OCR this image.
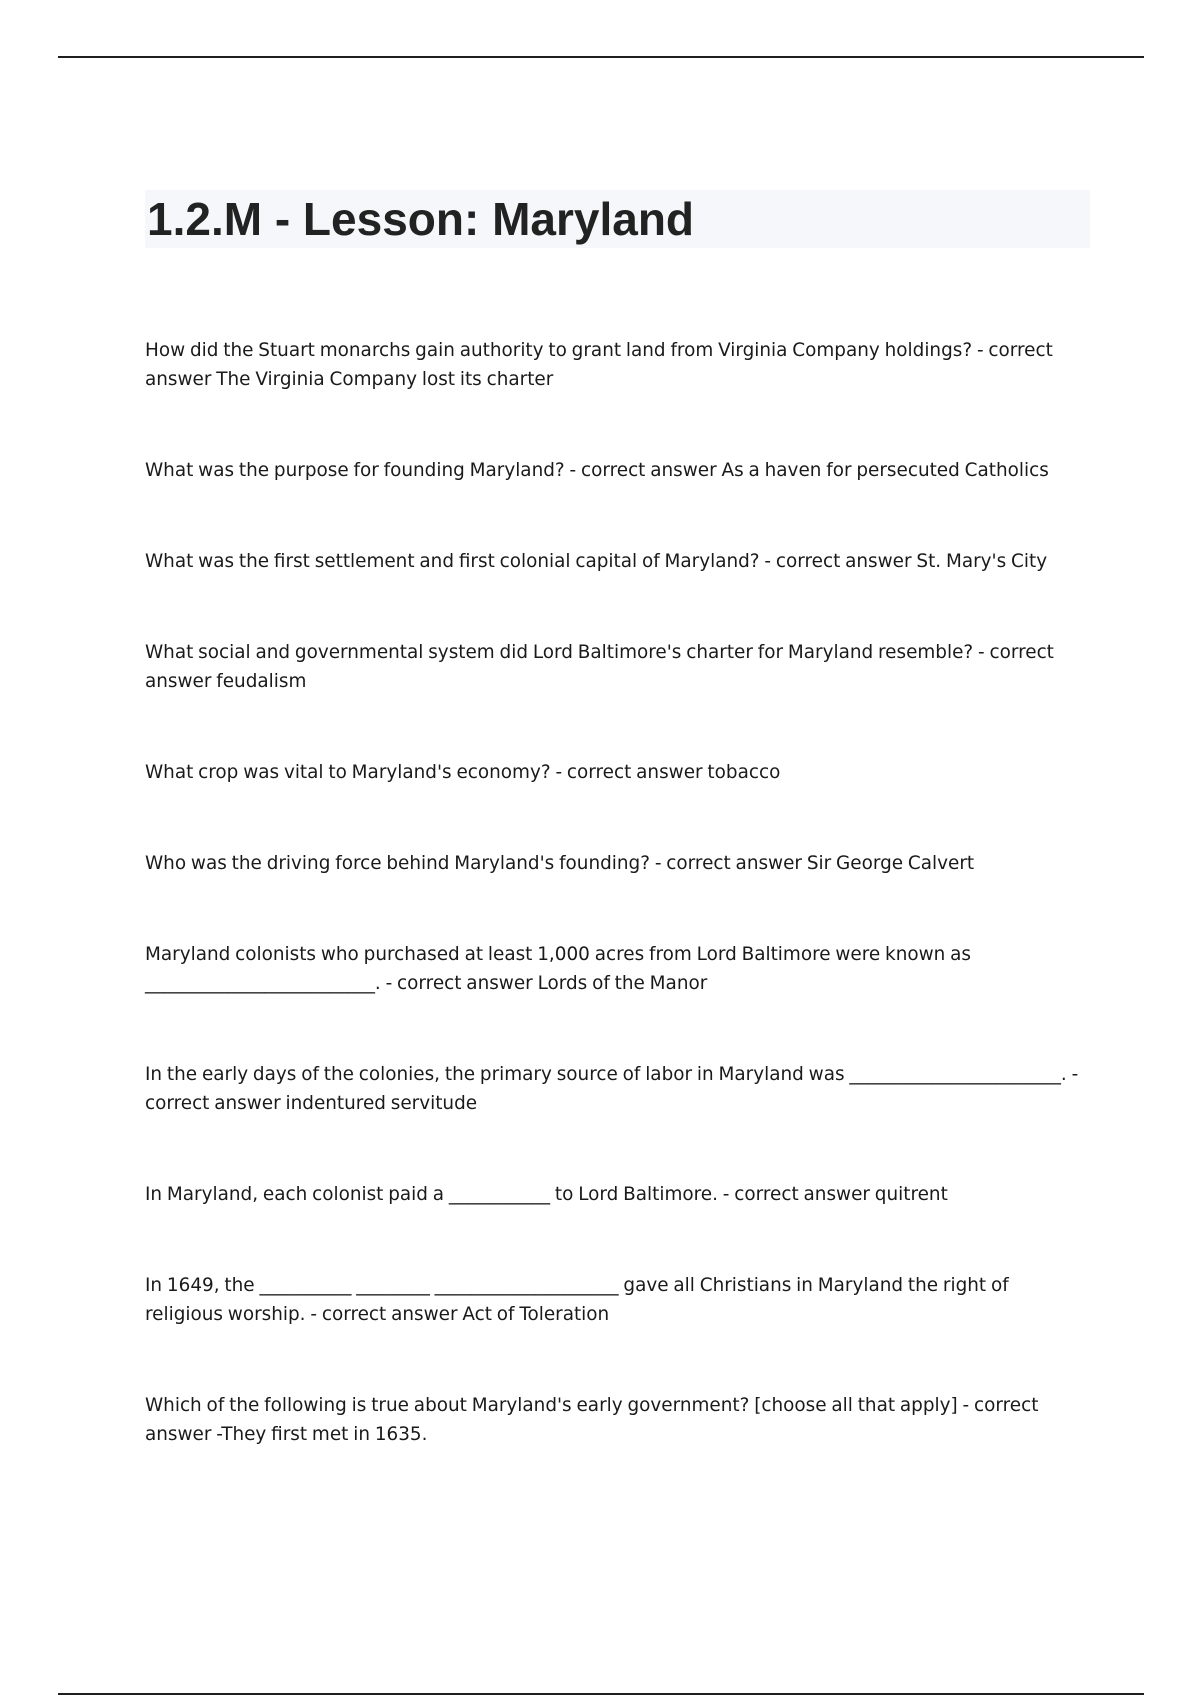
1.2.M - Lesson: Maryland

How did the Stuart monarchs gain authority to grant land from Virginia Company holdings? - correct answer The Virginia Company lost its charter

What was the purpose for founding Maryland? - correct answer As a haven for persecuted Catholics

What was the first settlement and first colonial capital of Maryland? - correct answer St. Mary's City

What social and governmental system did Lord Baltimore's charter for Maryland resemble? - correct answer feudalism

What crop was vital to Maryland's economy? - correct answer tobacco

Who was the driving force behind Maryland's founding? - correct answer Sir George Calvert

Maryland colonists who purchased at least 1,000 acres from Lord Baltimore were known as _________________________. - correct answer Lords of the Manor

In the early days of the colonies, the primary source of labor in Maryland was _______________________. - correct answer indentured servitude

In Maryland, each colonist paid a ___________ to Lord Baltimore. - correct answer quitrent

In 1649, the __________ ________ ____________________ gave all Christians in Maryland the right of religious worship. - correct answer Act of Toleration

Which of the following is true about Maryland's early government? [choose all that apply] - correct answer -They first met in 1635.
